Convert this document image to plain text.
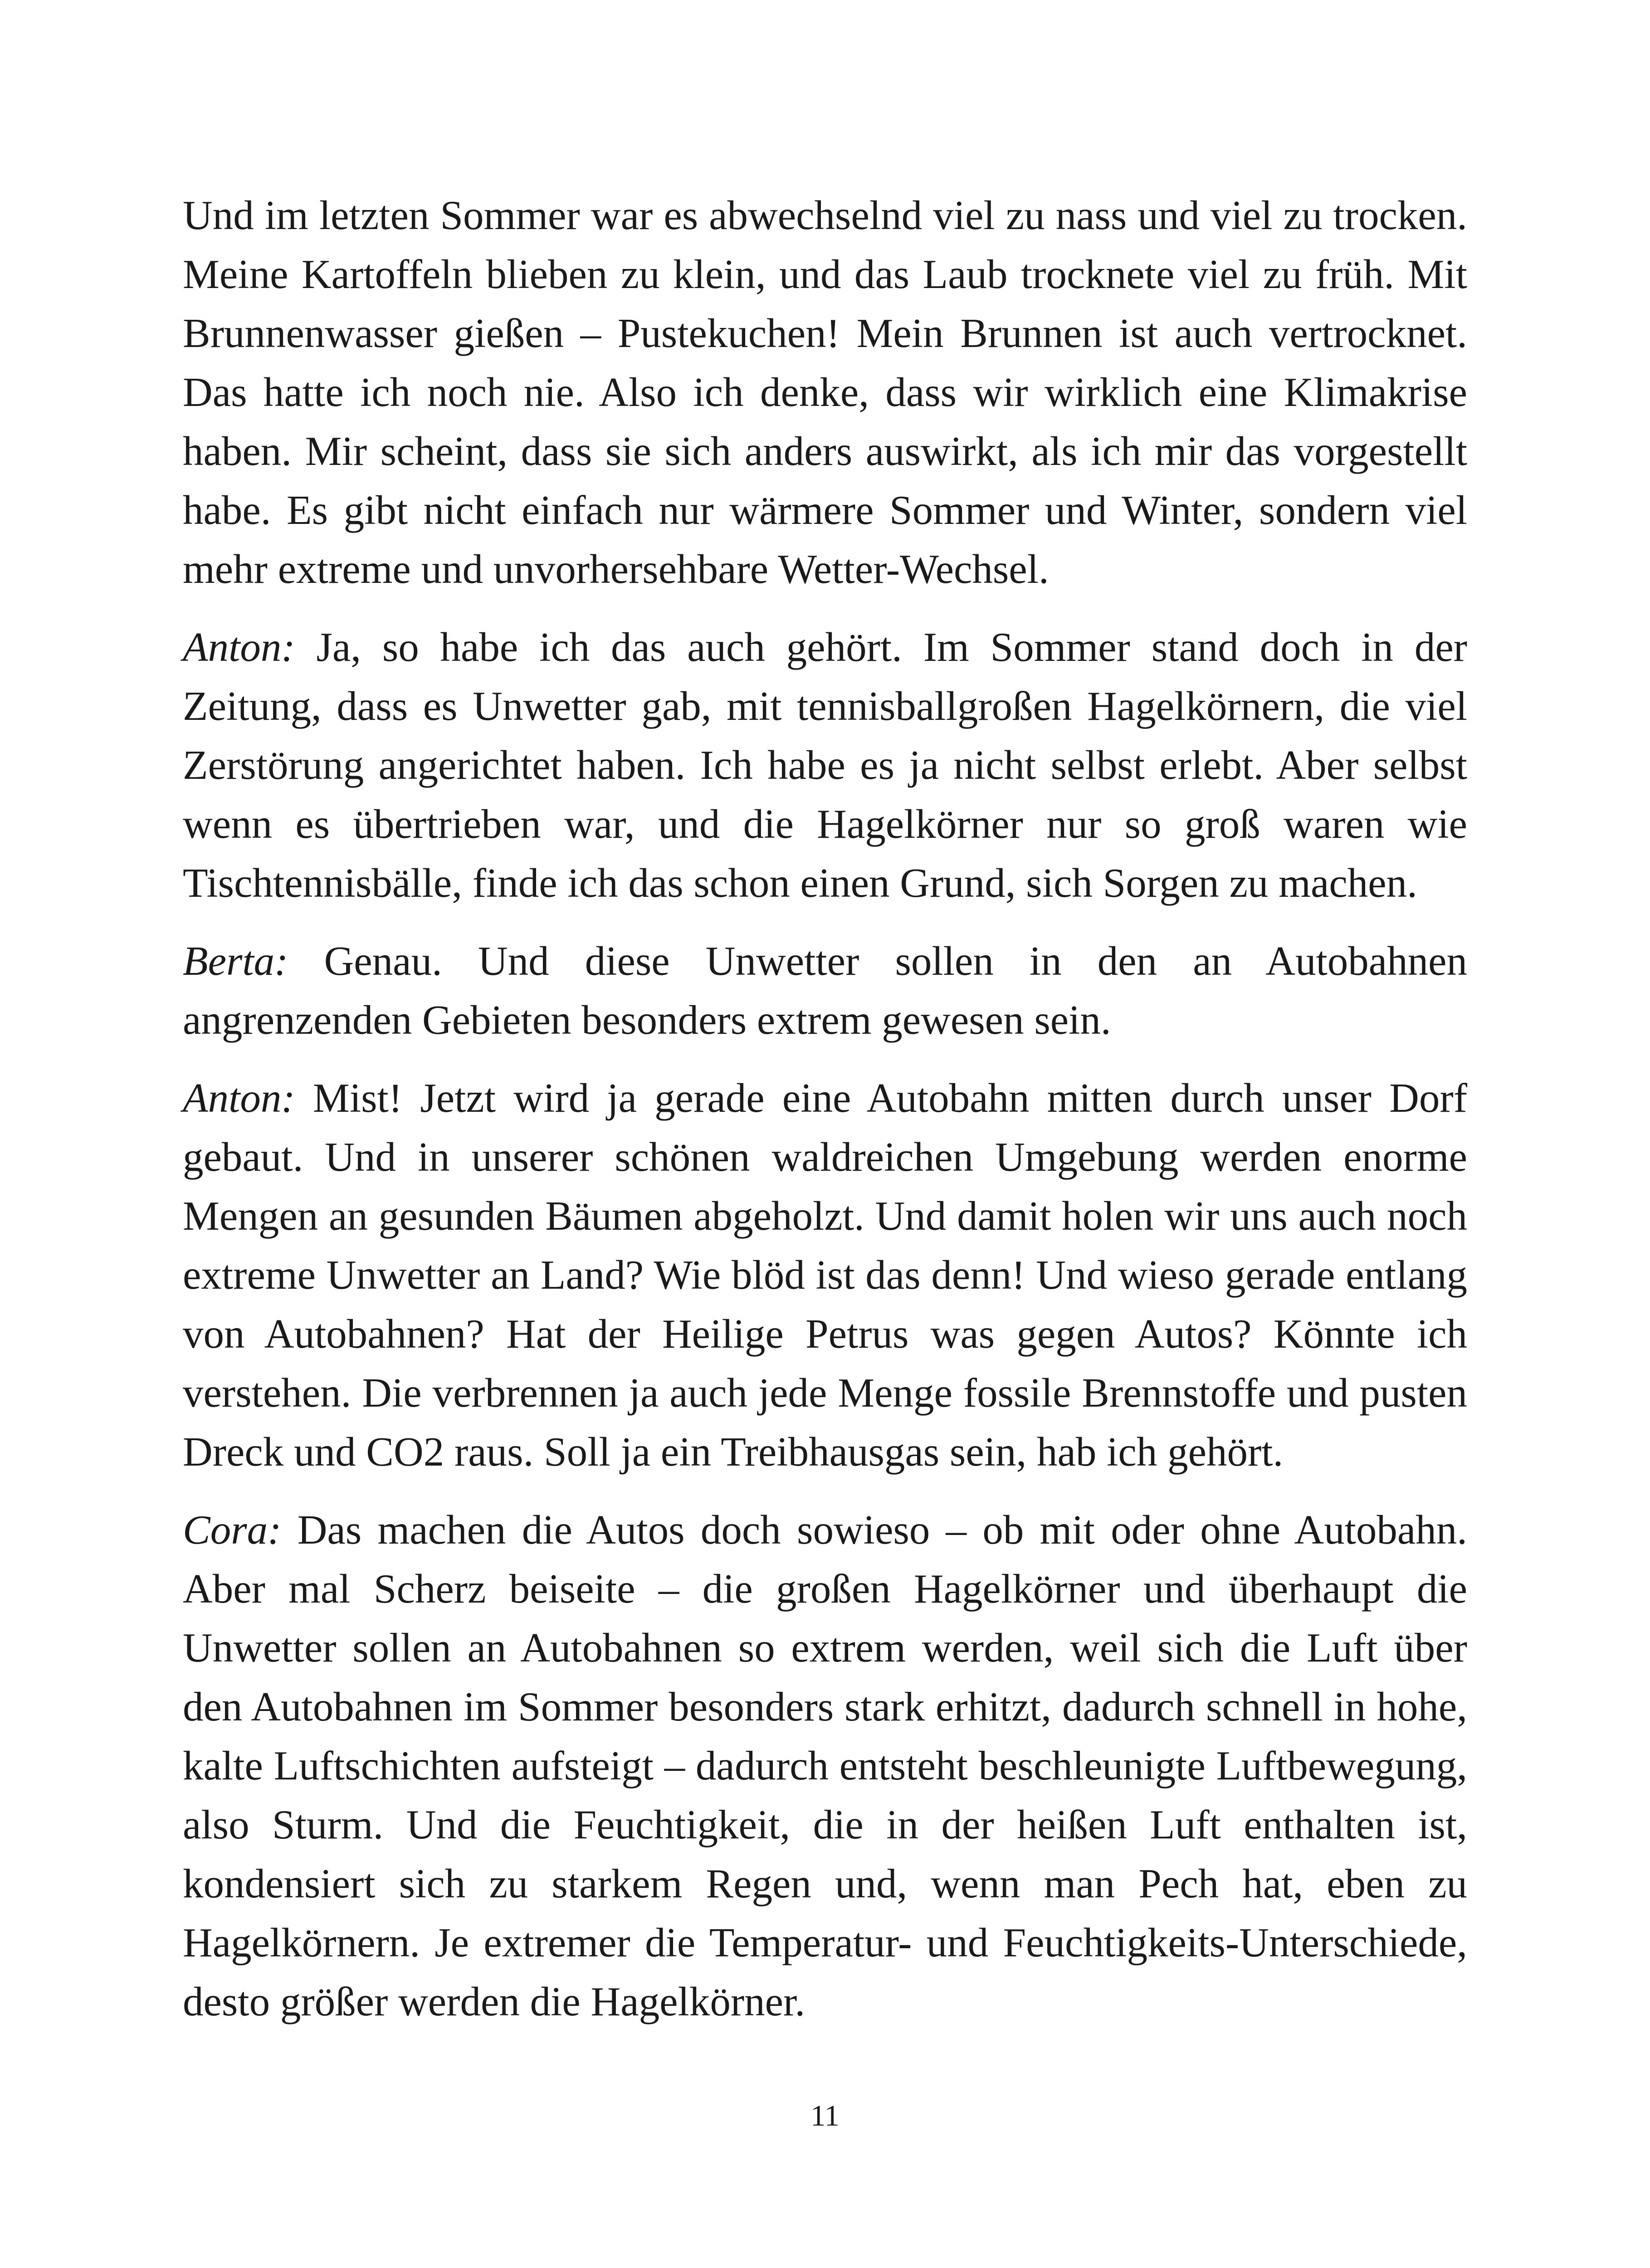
Und im letzten Sommer war es abwechselnd viel zu nass und viel zu trocken. Meine Kartoffeln blieben zu klein, und das Laub trocknete viel zu früh. Mit Brunnenwasser gießen – Pustekuchen! Mein Brunnen ist auch vertrocknet. Das hatte ich noch nie. Also ich denke, dass wir wirklich eine Klimakrise haben. Mir scheint, dass sie sich anders auswirkt, als ich mir das vorgestellt habe. Es gibt nicht einfach nur wärmere Sommer und Winter, sondern viel mehr extreme und unvorhersehbare Wetter-Wechsel.

Anton: Ja, so habe ich das auch gehört. Im Sommer stand doch in der Zeitung, dass es Unwetter gab, mit tennisballgroßen Hagelkörnern, die viel Zerstörung angerichtet haben. Ich habe es ja nicht selbst erlebt. Aber selbst wenn es übertrieben war, und die Hagelkörner nur so groß waren wie Tischtennisbälle, finde ich das schon einen Grund, sich Sorgen zu machen.

Berta: Genau. Und diese Unwetter sollen in den an Autobahnen angrenzenden Gebieten besonders extrem gewesen sein.

Anton: Mist! Jetzt wird ja gerade eine Autobahn mitten durch unser Dorf gebaut. Und in unserer schönen waldreichen Umgebung werden enorme Mengen an gesunden Bäumen abgeholzt. Und damit holen wir uns auch noch extreme Unwetter an Land? Wie blöd ist das denn! Und wieso gerade entlang von Autobahnen? Hat der Heilige Petrus was gegen Autos? Könnte ich verstehen. Die verbrennen ja auch jede Menge fossile Brennstoffe und pusten Dreck und CO2 raus. Soll ja ein Treibhausgas sein, hab ich gehört.

Cora: Das machen die Autos doch sowieso – ob mit oder ohne Autobahn. Aber mal Scherz beiseite – die großen Hagelkörner und überhaupt die Unwetter sollen an Autobahnen so extrem werden, weil sich die Luft über den Autobahnen im Sommer besonders stark erhitzt, dadurch schnell in hohe, kalte Luftschichten aufsteigt – dadurch entsteht beschleunigte Luftbewegung, also Sturm. Und die Feuchtigkeit, die in der heißen Luft enthalten ist, kondensiert sich zu starkem Regen und, wenn man Pech hat, eben zu Hagelkörnern. Je extremer die Temperatur- und Feuchtigkeits-Unterschiede, desto größer werden die Hagelkörner.

11
